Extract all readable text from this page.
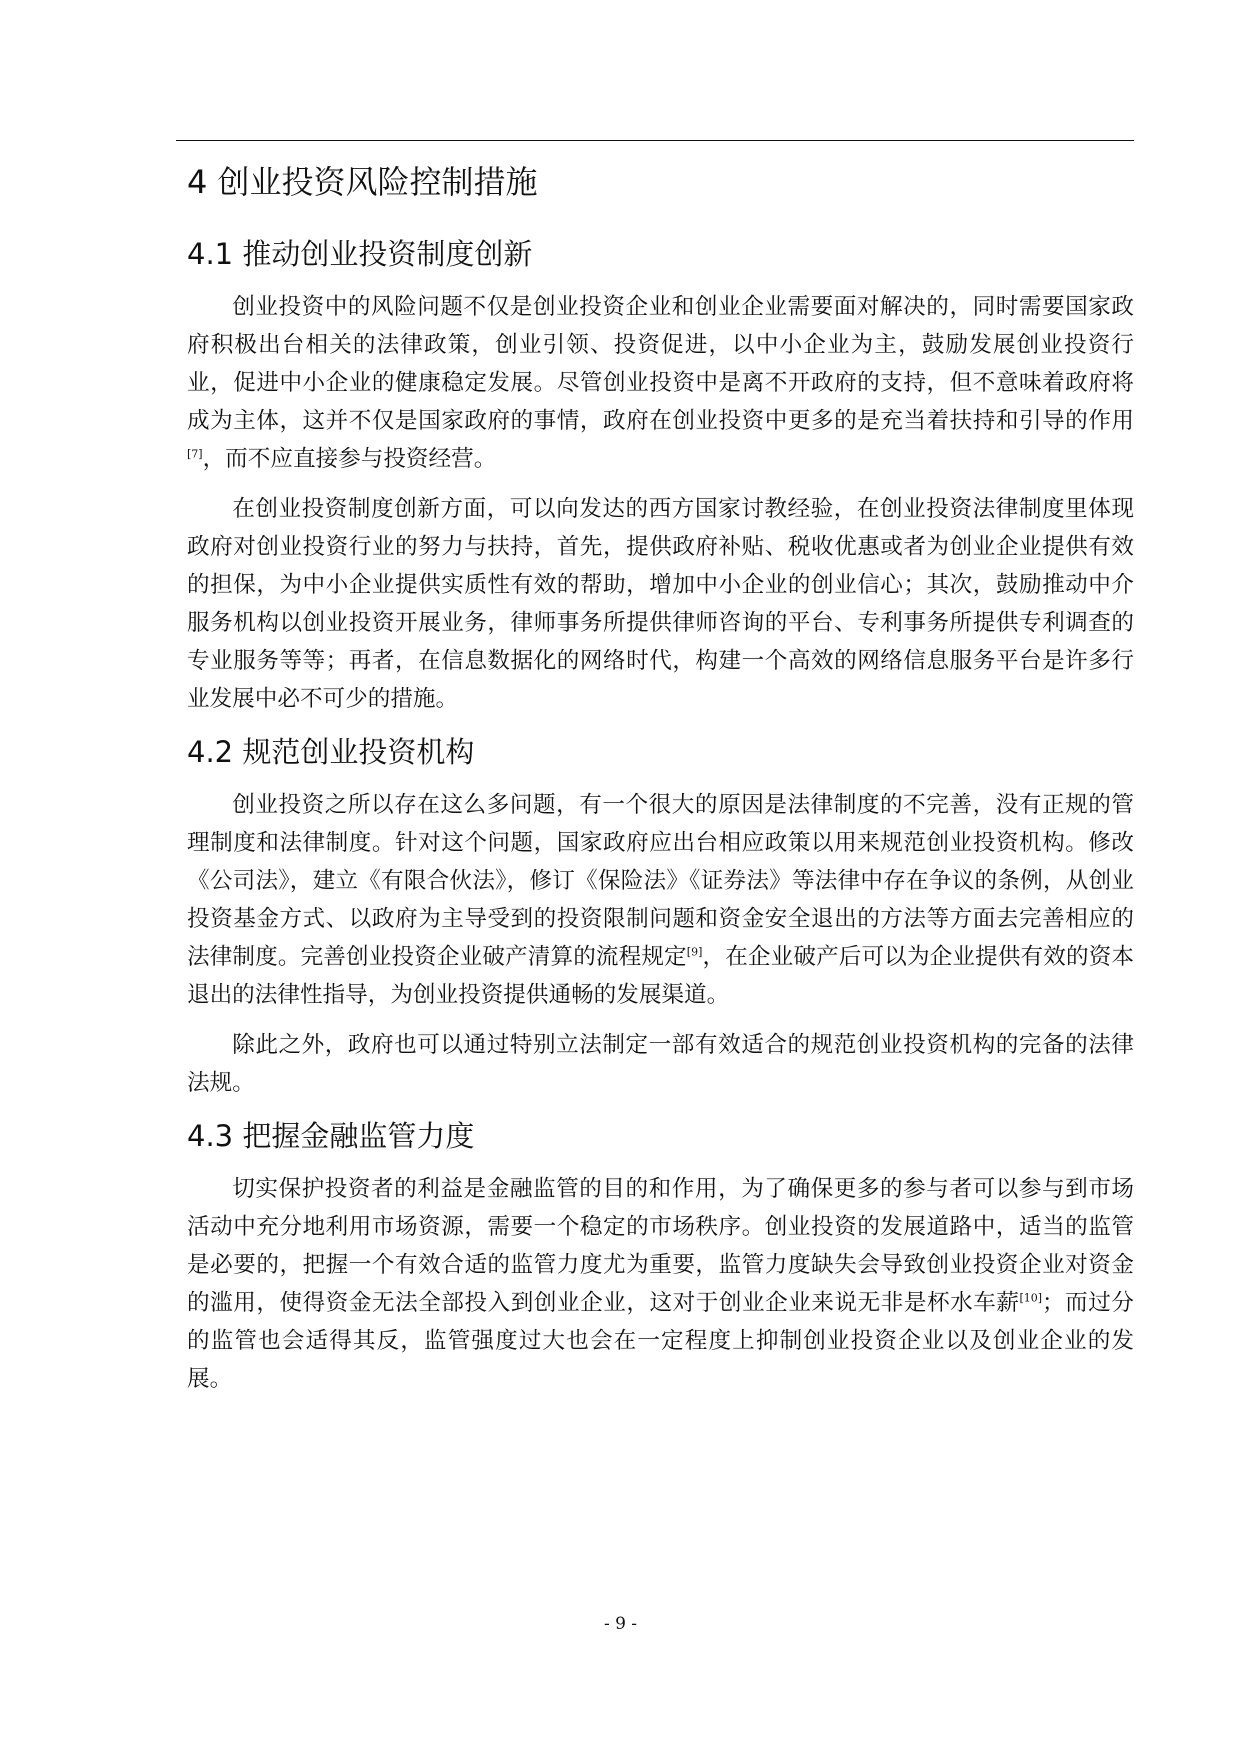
4 创业投资风险控制措施
4.1 推动创业投资制度创新

创业投资中的风险问题不仅是创业投资企业和创业企业需要面对解决的，同时需要国家政府积极出台相关的法律政策，创业引领、投资促进，以中小企业为主，鼓励发展创业投资行业，促进中小企业的健康稳定发展。尽管创业投资中是离不开政府的支持，但不意味着政府将成为主体，这并不仅是国家政府的事情，政府在创业投资中更多的是充当着扶持和引导的作用[7]，而不应直接参与投资经营。

在创业投资制度创新方面，可以向发达的西方国家讨教经验，在创业投资法律制度里体现政府对创业投资行业的努力与扶持，首先，提供政府补贴、税收优惠或者为创业企业提供有效的担保，为中小企业提供实质性有效的帮助，增加中小企业的创业信心；其次，鼓励推动中介服务机构以创业投资开展业务，律师事务所提供律师咨询的平台、专利事务所提供专利调查的专业服务等等；再者，在信息数据化的网络时代，构建一个高效的网络信息服务平台是许多行业发展中必不可少的措施。

4.2 规范创业投资机构

创业投资之所以存在这么多问题，有一个很大的原因是法律制度的不完善，没有正规的管理制度和法律制度。针对这个问题，国家政府应出台相应政策以用来规范创业投资机构。修改《公司法》，建立《有限合伙法》，修订《保险法》《证券法》等法律中存在争议的条例，从创业投资基金方式、以政府为主导受到的投资限制问题和资金安全退出的方法等方面去完善相应的法律制度。完善创业投资企业破产清算的流程规定[9]，在企业破产后可以为企业提供有效的资本退出的法律性指导，为创业投资提供通畅的发展渠道。

除此之外，政府也可以通过特别立法制定一部有效适合的规范创业投资机构的完备的法律法规。

4.3 把握金融监管力度

切实保护投资者的利益是金融监管的目的和作用，为了确保更多的参与者可以参与到市场活动中充分地利用市场资源，需要一个稳定的市场秩序。创业投资的发展道路中，适当的监管是必要的，把握一个有效合适的监管力度尤为重要，监管力度缺失会导致创业投资企业对资金的滥用，使得资金无法全部投入到创业企业，这对于创业企业来说无非是杯水车薪[10]；而过分的监管也会适得其反，监管强度过大也会在一定程度上抑制创业投资企业以及创业企业的发展。

- 9 -
